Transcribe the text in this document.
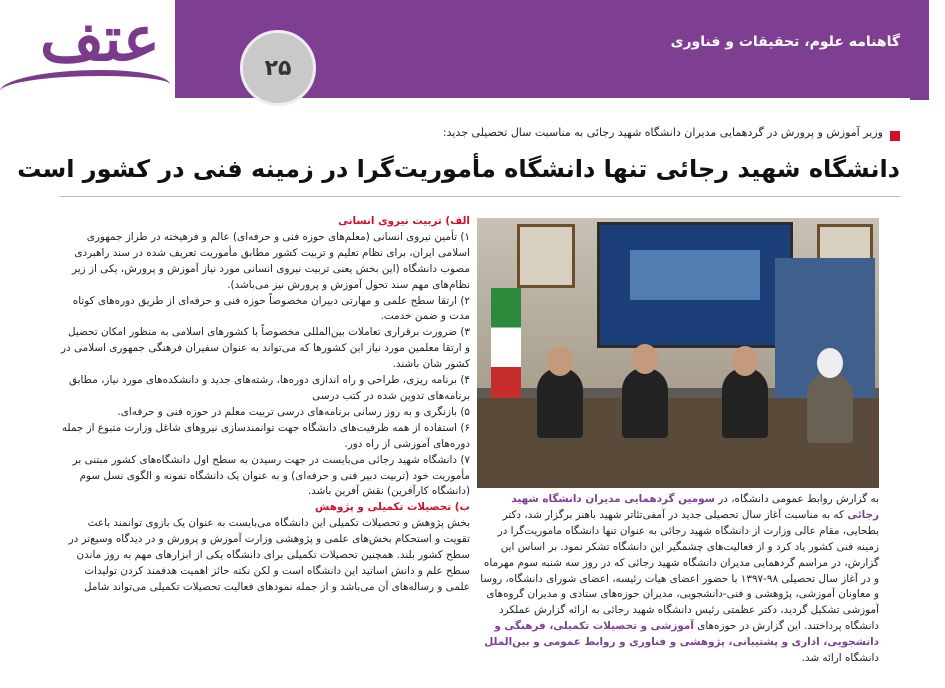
عتف	۲۵
گاهنامه علوم، تحقیقات و فناوری
وزیر آموزش و پرورش در گردهمایی مدیران دانشگاه شهید رجائی به مناسبت سال تحصیلی جدید:
دانشگاه شهید رجائی تنها دانشگاه مأموریت‌گرا در زمینه فنی در کشور است

الف) تربیت نیروی انسانی

۱) تأمین نیروی انسانی (معلم‌های حوزه فنی و حرفه‌ای) عالم و فرهیخته در طراز جمهوری اسلامی ایران، برای نظام تعلیم و تربیت کشور مطابق مأموریت تعریف شده در سند راهبردی مصوب دانشگاه (این بخش یعنی تربیت نیروی انسانی مورد نیاز آموزش و پرورش، یکی از زیر نظام‌های مهم سند تحول آموزش و پرورش نیز می‌باشد).

۲) ارتقا سطح علمی و مهارتی دبیران مخصوصاً حوزه فنی و حرفه‌ای از طریق دوره‌های کوتاه مدت و ضمن خدمت.

۳) ضرورت برقراری تعاملات بین‌المللی مخصوصاً با کشورهای اسلامی به منظور امکان تحصیل و ارتقا معلمین مورد نیاز این کشورها که می‌تواند به عنوان سفیران فرهنگی جمهوری اسلامی در کشور شان باشند.

۴) برنامه ریزی، طراحی و راه اندازی دوره‌ها، رشته‌های جدید و دانشکده‌های مورد نیاز، مطابق برنامه‌های تدوین شده در کتب درسی

۵) بازنگری و به روز رسانی برنامه‌های درسی تربیت معلم در حوزه فنی و حرفه‌ای.

۶) استفاده از همه ظرفیت‌های دانشگاه جهت توانمندسازی نیروهای شاغل وزارت متبوع از جمله دوره‌های آموزشی از راه دور.

۷) دانشگاه شهید رجائی می‌بایست در جهت رسیدن به سطح اول دانشگاه‌های کشور مبتنی بر مأموریت خود (تربیت دبیر فنی و حرفه‌ای) و به عنوان یک دانشگاه نمونه و الگوی نسل سوم (دانشگاه کارآفرین) نقش آفرین باشد.

ب) تحصیلات تکمیلی و پژوهش

بخش پژوهش و تحصیلات تکمیلی این دانشگاه می‌بایست به عنوان یک بازوی توانمند باعث تقویت و استحکام بخش‌های علمی و پژوهشی وزارت آموزش و پرورش و در دیدگاه وسیع‌تر در سطح کشور بلند. همچنین تحصیلات تکمیلی برای دانشگاه یکی از ابزارهای مهم به روز ماندن سطح علم و دانش اساتید این دانشگاه است و لکن نکته حائز اهمیت هدفمند کردن تولیدات علمی و رساله‌های آن می‌باشد و از جمله نمودهای فعالیت تحصیلات تکمیلی می‌تواند شامل

به گزارش روابط عمومی دانشگاه، در سومین گردهمایی مدیران دانشگاه شهید رجائی که به مناسبت آغاز سال تحصیلی جدید در آمفی‌تئاتر شهید باهنر برگزار شد، دکتر بطحایی، مقام عالی وزارت از دانشگاه شهید رجائی به عنوان تنها دانشگاه ماموریت‌گرا در زمینه فنی کشور یاد کرد و از فعالیت‌های چشمگیر این دانشگاه تشکر نمود. بر اساس این گزارش، در مراسم گردهمایی مدیران دانشگاه شهید رجائی که در روز سه شنبه سوم مهرماه و در آغاز سال تحصیلی ۹۸-۱۳۹۷ با حضور اعضای هیات رئیسه، اعضای شورای دانشگاه، روسا و معاونان آموزشی، پژوهشی و فنی-دانشجویی، مدیران حوزه‌های ستادی و مدیران گروه‌های آموزشی تشکیل گردید، دکتر عظمتی رئیس دانشگاه شهید رجائی به ارائه گزارش عملکرد دانشگاه پرداختند. این گزارش در حوزه‌های آموزشی و تحصیلات تکمیلی، فرهنگی و دانشجویی، اداری و پشتیبانی، پژوهشی و فناوری و روابط عمومی و بین‌الملل دانشگاه ارائه شد.
